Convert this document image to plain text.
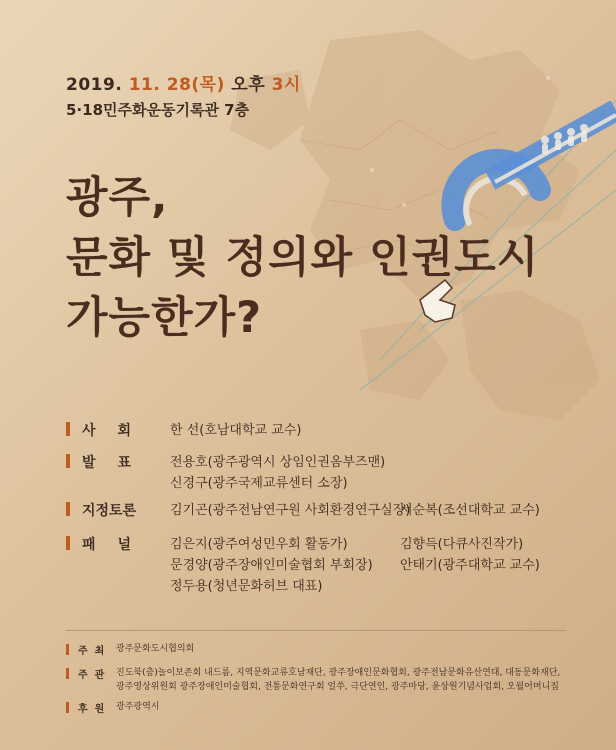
2019. 11. 28(목) 오후 3시
5·18민주화운동기록관 7층
광주,
문화 및 정의와 인권도시
가능한가?
사회 한 선(호남대학교 교수)
발표 전용호(광주광역시 상임인권옴부즈맨)
신경구(광주국제교류센터 소장)
지정토론	김기곤(광주전남연구원 사회환경연구실장)
서순복(조선대학교 교수)
패널 김은지(광주여성민우회 활동가)
문경양(광주장애인미술협회 부회장)
정두용(청년문화허브 대표)
김향득(다큐사진작가)
안태기(광주대학교 교수)
주최 광주문화도시협의회
주관 진도북(춤)놀이보존회 내드름, 지역문화교류호남재단, 광주장애인문화협회, 광주전남문화유산연대, 대동문화재단,
광주영상위원회 광주장애인미술협회, 전통문화연구회 얼쑤, 극단연인, 광주마당, 윤상원기념사업회, 오월어머니집
후원 광주광역시
